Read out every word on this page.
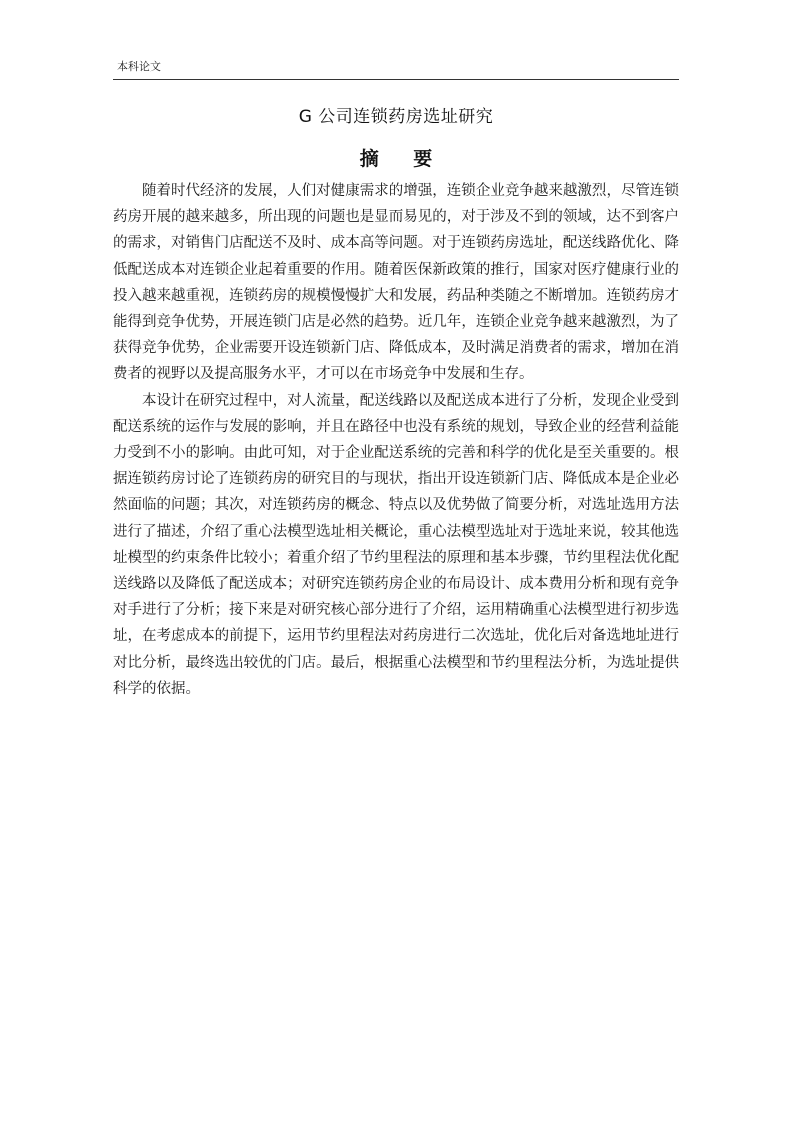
本科论文
G 公司连锁药房选址研究
摘 要

随着时代经济的发展，人们对健康需求的增强，连锁企业竞争越来越激烈，尽管连锁药房开展的越来越多，所出现的问题也是显而易见的，对于涉及不到的领域，达不到客户的需求，对销售门店配送不及时、成本高等问题。对于连锁药房选址，配送线路优化、降低配送成本对连锁企业起着重要的作用。随着医保新政策的推行，国家对医疗健康行业的投入越来越重视，连锁药房的规模慢慢扩大和发展，药品种类随之不断增加。连锁药房才能得到竞争优势，开展连锁门店是必然的趋势。近几年，连锁企业竞争越来越激烈，为了获得竞争优势，企业需要开设连锁新门店、降低成本，及时满足消费者的需求，增加在消费者的视野以及提高服务水平，才可以在市场竞争中发展和生存。

本设计在研究过程中，对人流量，配送线路以及配送成本进行了分析，发现企业受到配送系统的运作与发展的影响，并且在路径中也没有系统的规划，导致企业的经营利益能力受到不小的影响。由此可知，对于企业配送系统的完善和科学的优化是至关重要的。根据连锁药房讨论了连锁药房的研究目的与现状，指出开设连锁新门店、降低成本是企业必然面临的问题；其次，对连锁药房的概念、特点以及优势做了简要分析，对选址选用方法进行了描述，介绍了重心法模型选址相关概论，重心法模型选址对于选址来说，较其他选址模型的约束条件比较小；着重介绍了节约里程法的原理和基本步骤，节约里程法优化配送线路以及降低了配送成本；对研究连锁药房企业的布局设计、成本费用分析和现有竞争对手进行了分析；接下来是对研究核心部分进行了介绍，运用精确重心法模型进行初步选址，在考虑成本的前提下，运用节约里程法对药房进行二次选址，优化后对备选地址进行对比分析，最终选出较优的门店。最后，根据重心法模型和节约里程法分析，为选址提供科学的依据。
